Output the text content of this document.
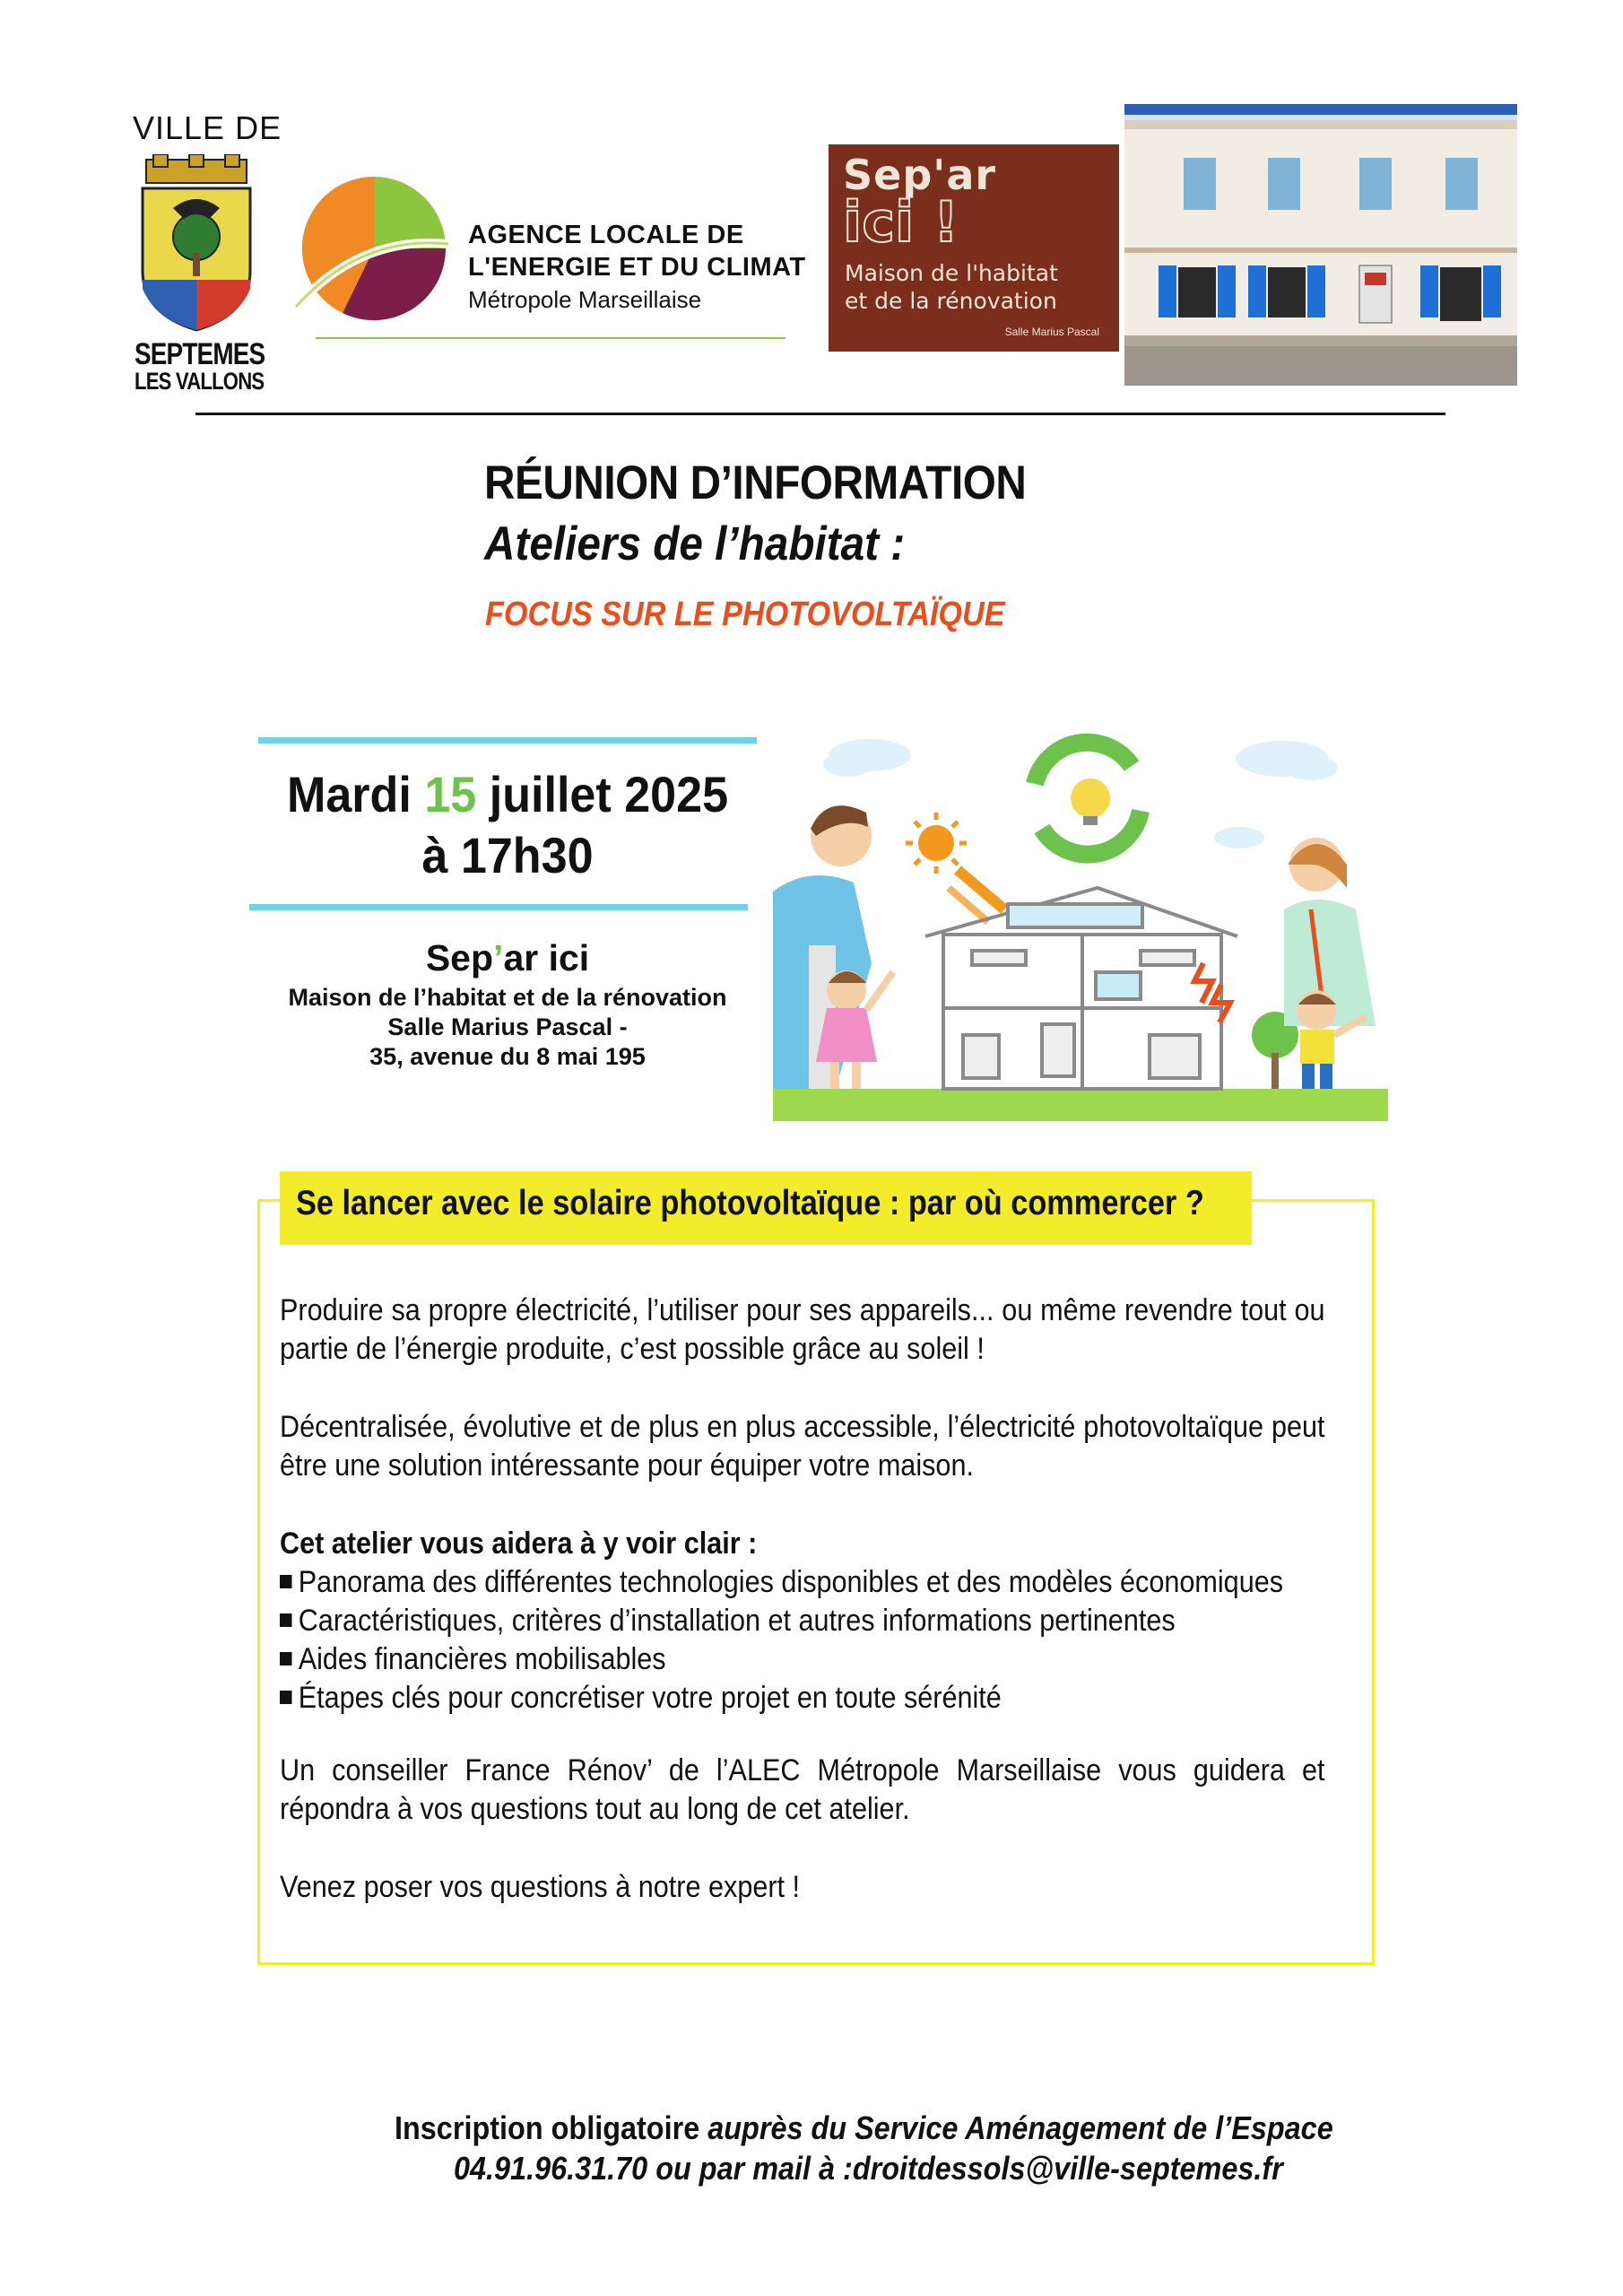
VILLE DE
SEPTEMES
LES VALLONS
AGENCE LOCALE DE
L'ENERGIE ET DU CLIMAT
Métropole Marseillaise
Sep'ar
ici !
Maison de l'habitat
et de la rénovation
Salle Marius Pascal
RÉUNION D’INFORMATION
Ateliers de l’habitat :
FOCUS SUR LE PHOTOVOLTAÏQUE
Mardi 15 juillet 2025
à 17h30
Sep’ar ici
Maison de l’habitat et de la rénovation
Salle Marius Pascal -
35, avenue du 8 mai 195
Se lancer avec le solaire photovoltaïque : par où commercer ?
Produire sa propre électricité, l’utiliser pour ses appareils... ou même revendre tout ou partie de l’énergie produite, c’est possible grâce au soleil !
Décentralisée, évolutive et de plus en plus accessible, l’électricité photovoltaïque peut être une solution intéressante pour équiper votre maison.
Cet atelier vous aidera à y voir clair :
Panorama des différentes technologies disponibles et des modèles économiques
Caractéristiques, critères d’installation et autres informations pertinentes
Aides financières mobilisables
Étapes clés pour concrétiser votre projet en toute sérénité
Un conseiller France Rénov’ de l’ALEC Métropole Marseillaise vous guidera et répondra à vos questions tout au long de cet atelier.
Venez poser vos questions à notre expert !
Inscription obligatoire auprès du Service Aménagement de l’Espace
04.91.96.31.70 ou par mail à :droitdessols@ville-septemes.fr
